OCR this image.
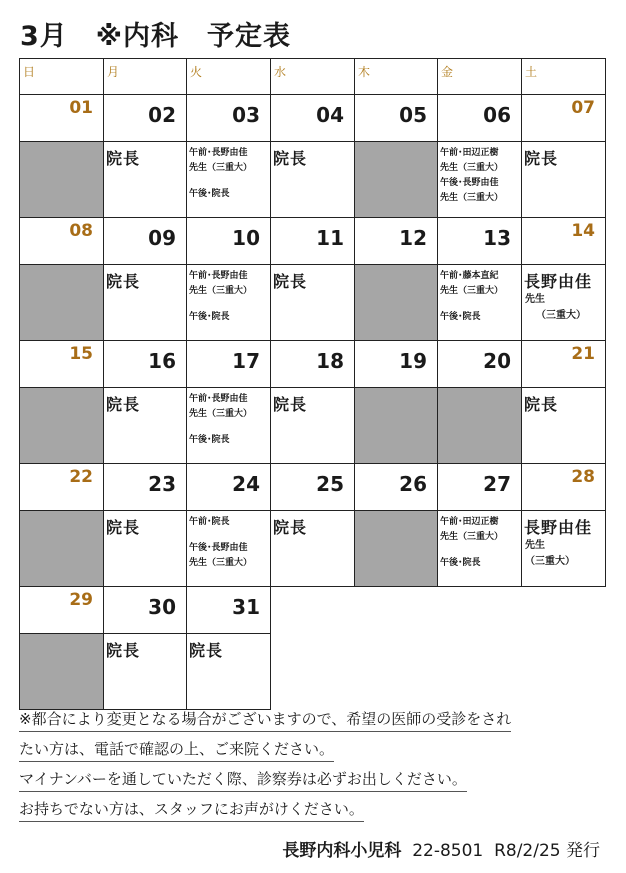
3月　※内科　予定表
日	月	火	水	木	金	土

01	02	03	04	05	06	07

	院長	午前･長野由佳
先生（三重大）
午後･院長	院長		午前･田辺正樹
先生（三重大）
午後･長野由佳
先生（三重大）	院長

08	09	10	11	12	13	14

	院長	午前･長野由佳
先生（三重大）
午後･院長	院長		午前･藤本直紀
先生（三重大）
午後･院長	長野由佳
先生
（三重大）

15	16	17	18	19	20	21

	院長	午前･長野由佳
先生（三重大）
午後･院長	院長			院長

22	23	24	25	26	27	28

	院長	午前･院長
午後･長野由佳
先生（三重大）	院長		午前･田辺正樹
先生（三重大）
午後･院長	長野由佳
先生
（三重大）

29	30	31				

	院長	院長				

※都合により変更となる場合がございますので、希望の医師の受診をされ
たい方は、電話で確認の上、ご来院ください。
マイナンバーを通していただく際、診察券は必ずお出しください。
お持ちでない方は、スタッフにお声がけください。
長野内科小児科 22-8501 R8/2/25 発行
